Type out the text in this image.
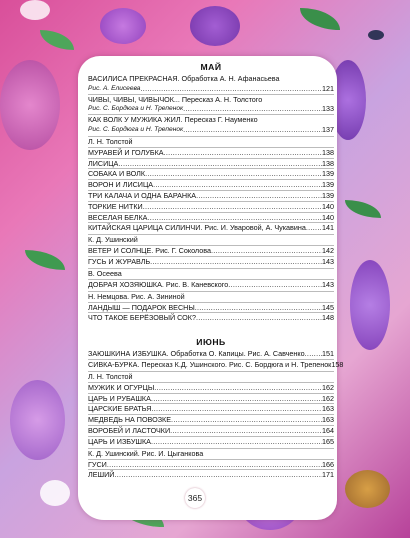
МАЙ
ВАСИЛИСА ПРЕКРАСНАЯ. Обработка А. Н. Афанасьева
Рис. А. Елисеева .....	121
ЧИВЫ, ЧИВЫ, ЧИВЫЧОК... Пересказ А. Н. Толстого
Рис. С. Бордюга и Н. Трепенок .....	133
КАК ВОЛК У МУЖИКА ЖИЛ. Пересказ Г. Науменко
Рис. С. Бордюга и Н. Трепенок .....	137
Л. Н. Толстой
МУРАВЕЙ И ГОЛУБКА .....	138
ЛИСИЦА .....	138
СОБАКА И ВОЛК .....	139
ВОРОН И ЛИСИЦА .....	139
ТРИ КАЛАЧА И ОДНА БАРАНКА .....	139
ТОРКИЕ НИТКИ .....	140
ВЕСЕЛАЯ БЕЛКА .....	140
КИТАЙСКАЯ ЦАРИЦА СИЛИНЧИ. Рис. И. Уваровой, А. Чукавина ..... 141
К. Д. Ушинский
ВЕТЕР И СОЛНЦЕ. Рис. Г. Соколова .....	142
ГУСЬ И ЖУРАВЛЬ .....	143
В. Осеева
ДОБРАЯ ХОЗЯЮШКА. Рис. В. Каневского .....	143
Н. Немцова. Рис. А. Зининой
ЛАНДЫШ — ПОДАРОК ВЕСНЫ .....	145
ЧТО ТАКОЕ БЕРЁЗОВЫЙ СОК? .....	148
ИЮНЬ
ЗАЮШКИНА ИЗБУШКА. Обработка О. Капицы. Рис. А. Савченко ..... 151
СИВКА-БУРКА. Пересказ К.Д. Ушинского. Рис. С. Бордюга и Н. Трепенок 158
Л. Н. Толстой
МУЖИК И ОГУРЦЫ .....	162
ЦАРЬ И РУБАШКА .....	162
ЦАРСКИЕ БРАТЬЯ .....	163
МЕДВЕДЬ НА ПОВОЗКЕ .....	163
ВОРОБЕЙ И ЛАСТОЧКИ .....	164
ЦАРЬ И ИЗБУШКА .....	165
К. Д. Ушинский. Рис. И. Цыганкова
ГУСИ .....	166
ЛЕШИЙ .....	171
365
